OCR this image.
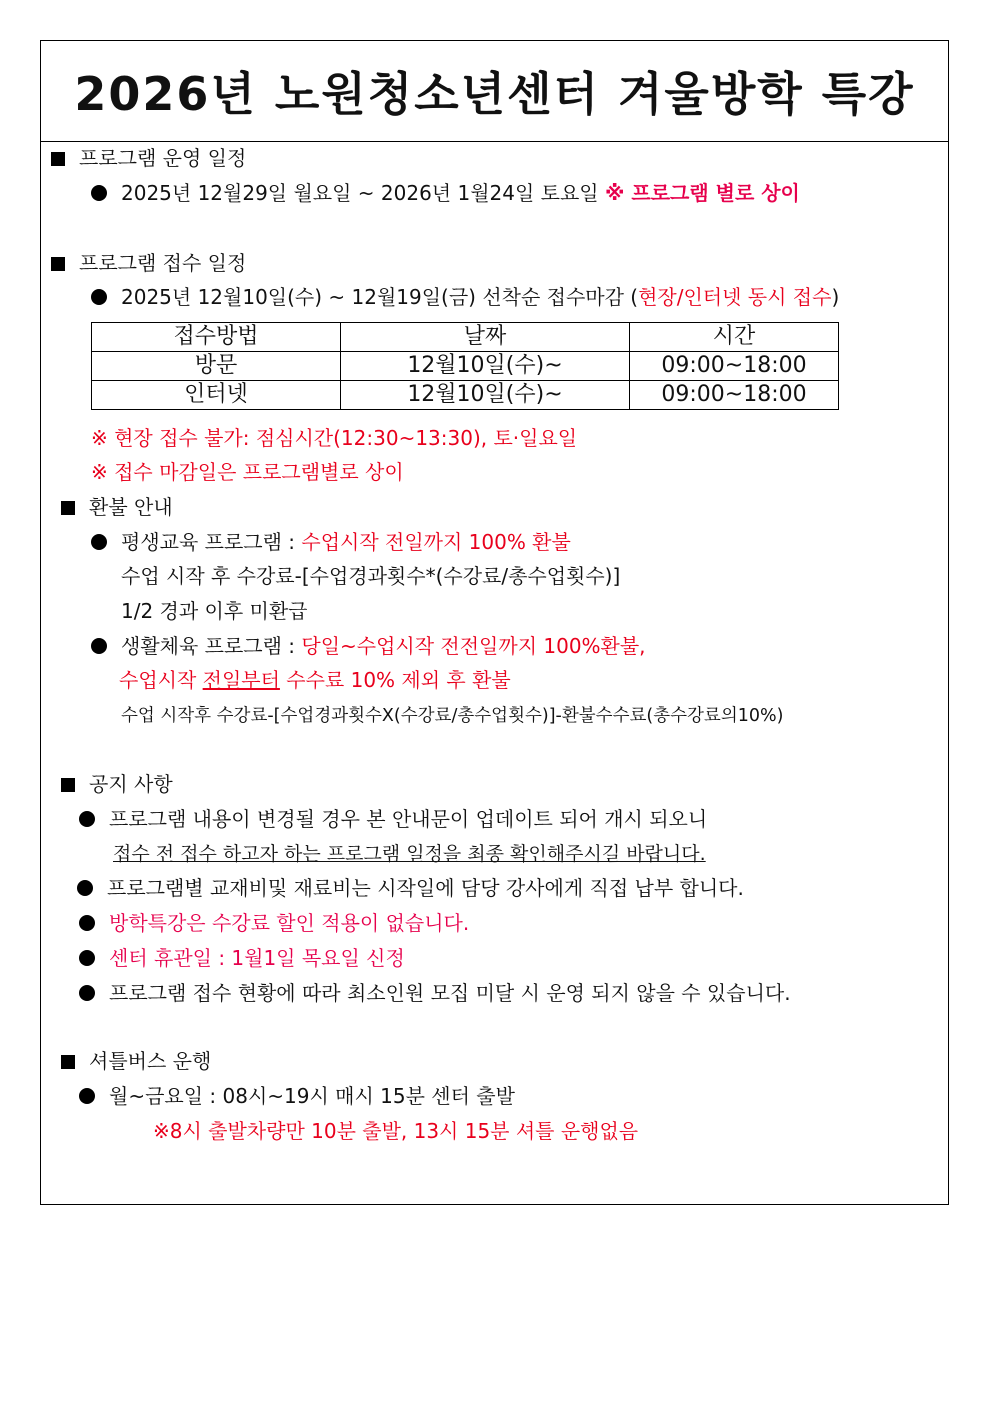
2026년 노원청소년센터 겨울방학 특강
프로그램 운영 일정
2025년 12월29일 월요일 ~ 2026년 1월24일 토요일 ※ 프로그램 별로 상이
프로그램 접수 일정
2025년 12월10일(수) ~ 12월19일(금) 선착순 접수마감 (현장/인터넷 동시 접수)
접수방법	날짜	시간
방문	12월10일(수)~	09:00~18:00
인터넷	12월10일(수)~	09:00~18:00
※ 현장 접수 불가: 점심시간(12:30~13:30), 토·일요일
※ 접수 마감일은 프로그램별로 상이
환불 안내
평생교육 프로그램 : 수업시작 전일까지 100% 환불
수업 시작 후 수강료-[수업경과횟수*(수강료/총수업횟수)]
1/2 경과 이후 미환급
생활체육 프로그램 : 당일~수업시작 전전일까지 100%환불,
수업시작 전일부터 수수료 10% 제외 후 환불
수업 시작후 수강료-[수업경과횟수X(수강료/총수업횟수)]-환불수수료(총수강료의10%)
공지 사항
프로그램 내용이 변경될 경우 본 안내문이 업데이트 되어 개시 되오니
접수 전 접수 하고자 하는 프로그램 일정을 최종 확인해주시길 바랍니다.
프로그램별 교재비및 재료비는 시작일에 담당 강사에게 직접 납부 합니다.
방학특강은 수강료 할인 적용이 없습니다.
센터 휴관일 : 1월1일 목요일 신정
프로그램 접수 현황에 따라 최소인원 모집 미달 시 운영 되지 않을 수 있습니다.
셔틀버스 운행
월~금요일 : 08시~19시 매시 15분 센터 출발
※8시 출발차량만 10분 출발, 13시 15분 셔틀 운행없음
